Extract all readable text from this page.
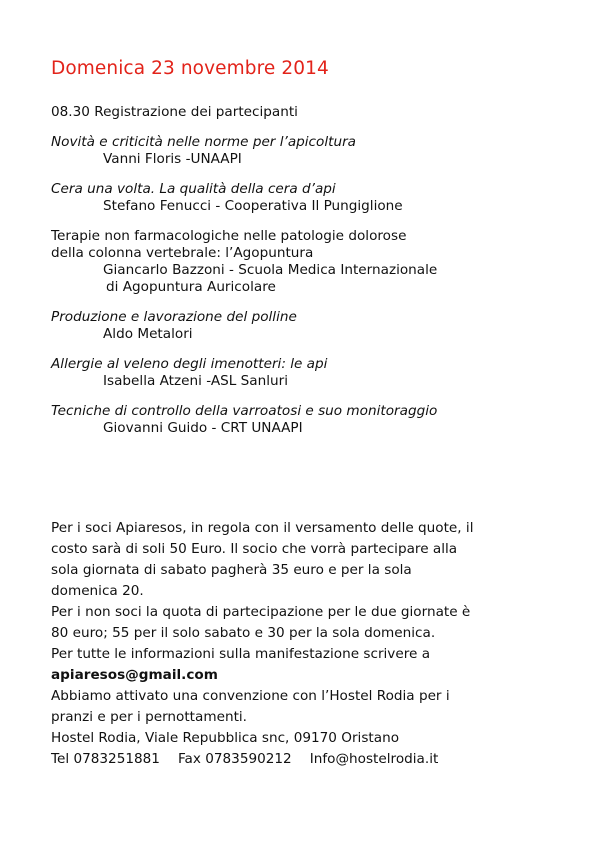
Domenica 23 novembre 2014
08.30 Registrazione dei partecipanti
Novità e criticità nelle norme per l’apicoltura
Vanni Floris -UNAAPI
Cera una volta. La qualità della cera d’api
Stefano Fenucci - Cooperativa Il Pungiglione
Terapie non farmacologiche nelle patologie dolorose
della colonna vertebrale: l’Agopuntura
Giancarlo Bazzoni - Scuola Medica Internazionale
di Agopuntura Auricolare
Produzione e lavorazione del polline
Aldo Metalori
Allergie al veleno degli imenotteri: le api
Isabella Atzeni -ASL Sanluri
Tecniche di controllo della varroatosi e suo monitoraggio
Giovanni Guido - CRT UNAAPI
Per i soci Apiaresos, in regola con il versamento delle quote, il
costo sarà di soli 50 Euro. Il socio che vorrà partecipare alla
sola giornata di sabato pagherà 35 euro e per la sola
domenica 20.
Per i non soci la quota di partecipazione per le due giornate è
80 euro; 55 per il solo sabato e 30 per la sola domenica.
Per tutte le informazioni sulla manifestazione scrivere a
apiaresos@gmail.com
Abbiamo attivato una convenzione con l’Hostel Rodia per i
pranzi e per i pernottamenti.
Hostel Rodia, Viale Repubblica snc, 09170 Oristano
Tel 0783251881 Fax 0783590212 Info@hostelrodia.it
